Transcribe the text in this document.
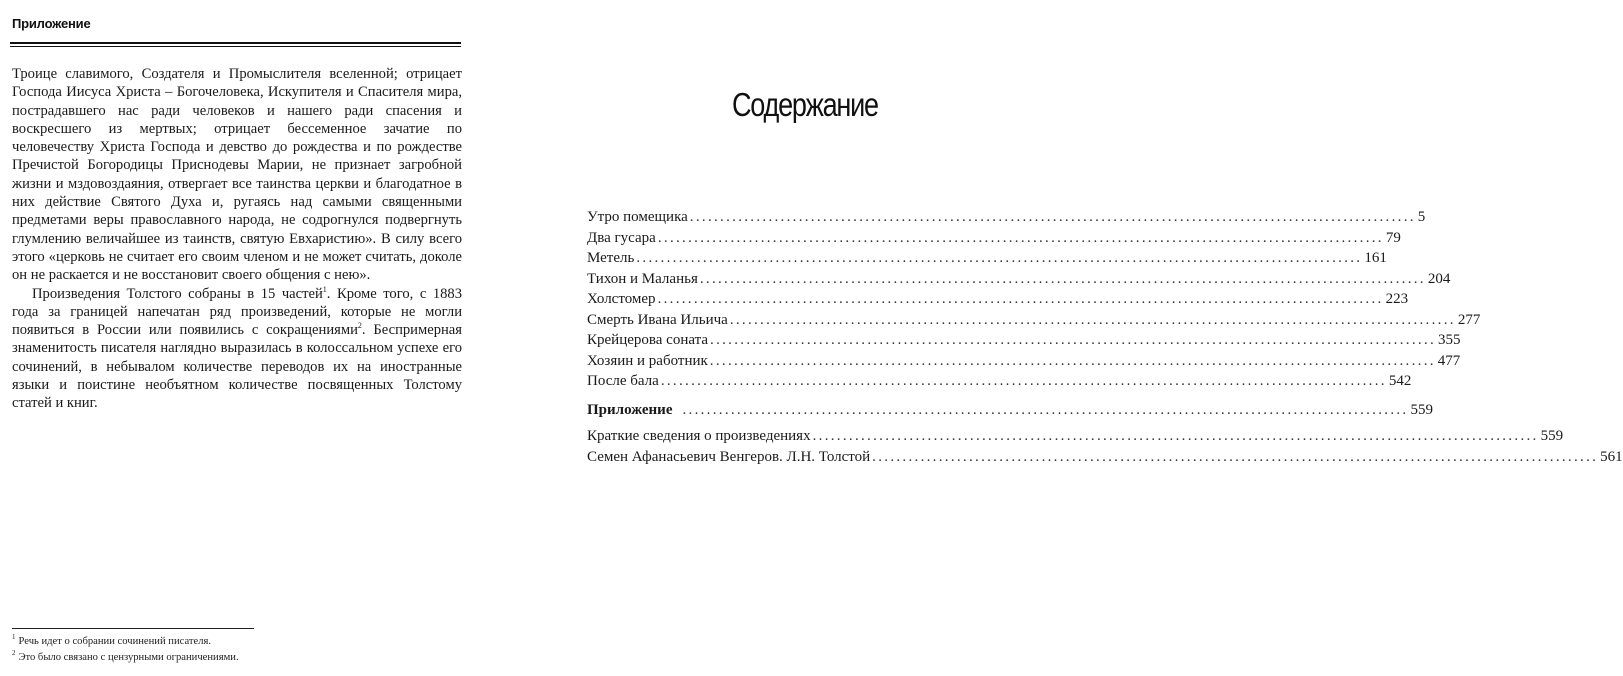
Приложение

Троице славимого, Создателя и Промыслителя вселенной; отрицает Господа Иисуса Христа – Богочеловека, Искупителя и Спасителя мира, пострадавшего нас ради человеков и нашего ради спасения и воскресшего из мертвых; отрицает бессеменное зачатие по человечеству Христа Господа и девство до рождества и по рождестве Пречистой Богородицы Приснодевы Марии, не признает загробной жизни и мздовоздаяния, отвергает все таинства церкви и благодатное в них действие Святого Духа и, ругаясь над самыми священными предметами веры православного народа, не содрогнулся подвергнуть глумлению величайшее из таинств, святую Евхаристию». В силу всего этого «церковь не считает его своим членом и не может считать, доколе он не раскается и не восстановит своего общения с нею».

Произведения Толстого собраны в 15 частей$^1$. Кроме того, с 1883 года за границей напечатан ряд произведений, которые не могли появиться в России или появились с сокращениями$^2$. Беспримерная знаменитость писателя наглядно выразилась в колоссальном успехе его сочинений, в небывалом количестве переводов их на иностранные языки и поистине необъятном количестве посвященных Толстому статей и книг.

$^1$ Речь идет о собрании сочинений писателя.
$^2$ Это было связано с цензурными ограничениями.
Содержание
Утро помещика ........................................................................................................................ 5
Два гусара ........................................................................................................................ 79
Метель ........................................................................................................................ 161
Тихон и Маланья ........................................................................................................................ 204
Холстомер ........................................................................................................................ 223
Смерть Ивана Ильича ........................................................................................................................ 277
Крейцерова соната ........................................................................................................................ 355
Хозяин и работник ........................................................................................................................ 477
После бала ........................................................................................................................ 542
Приложение ........................................................................................................................ 559
Краткие сведения о произведениях ........................................................................................................................ 559
Семен Афанасьевич Венгеров. Л.Н. Толстой ........................................................................................................................ 561
